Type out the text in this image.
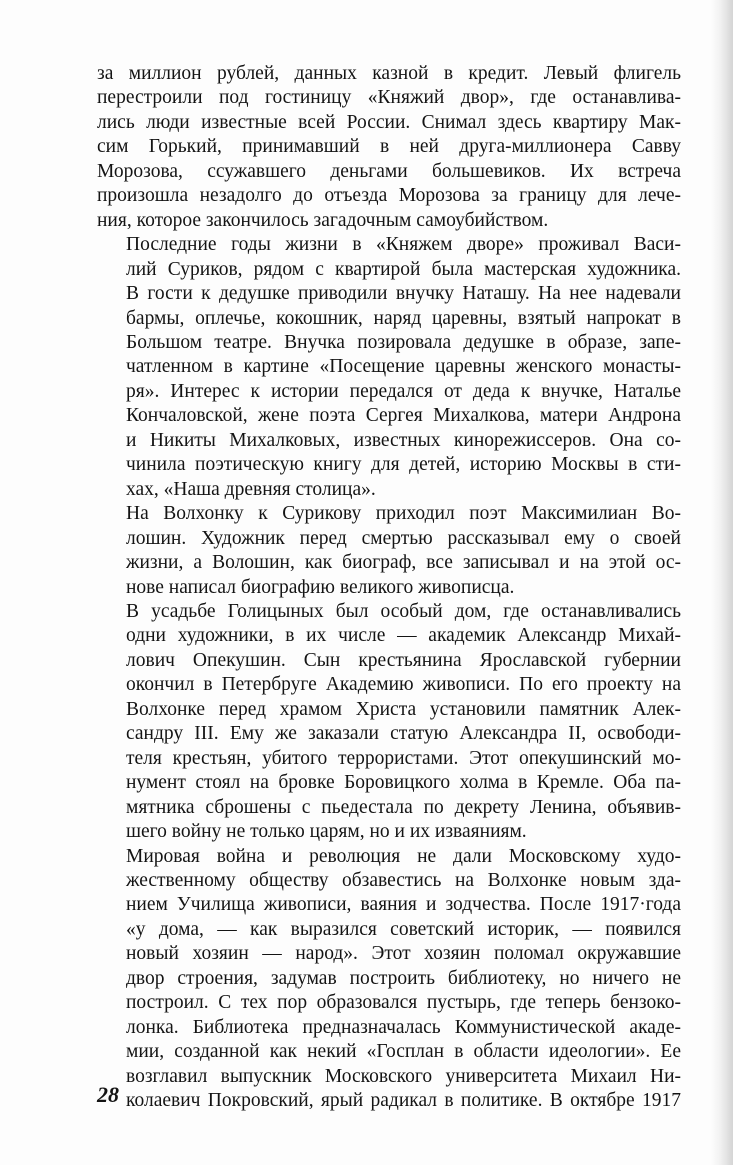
за миллион рублей, данных казной в кредит. Левый флигель
перестроили под гостиницу «Княжий двор», где останавлива-
лись люди известные всей России. Снимал здесь квартиру Мак-
сим Горький, принимавший в ней друга-миллионера Савву
Морозова, ссужавшего деньгами большевиков. Их встреча
произошла незадолго до отъезда Морозова за границу для лече-
ния, которое закончилось загадочным самоубийством.

Последние годы жизни в «Княжем дворе» проживал Васи-
лий Суриков, рядом с квартирой была мастерская художника.
В гости к дедушке приводили внучку Наташу. На нее надевали
бармы, оплечье, кокошник, наряд царевны, взятый напрокат в
Большом театре. Внучка позировала дедушке в образе, запе-
чатленном в картине «Посещение царевны женского монасты-
ря». Интерес к истории передался от деда к внучке, Наталье
Кончаловской, жене поэта Сергея Михалкова, матери Андрона
и Никиты Михалковых, известных кинорежиссеров. Она со-
чинила поэтическую книгу для детей, историю Москвы в сти-
хах, «Наша древняя столица».

На Волхонку к Сурикову приходил поэт Максимилиан Во-
лошин. Художник перед смертью рассказывал ему о своей
жизни, а Волошин, как биограф, все записывал и на этой ос-
нове написал биографию великого живописца.

В усадьбе Голицыных был особый дом, где останавливались
одни художники, в их числе — академик Александр Михай-
лович Опекушин. Сын крестьянина Ярославской губернии
окончил в Петербруге Академию живописи. По его проекту на
Волхонке перед храмом Христа установили памятник Алек-
сандру III. Ему же заказали статую Александра II, освободи-
теля крестьян, убитого террористами. Этот опекушинский мо-
нумент стоял на бровке Боровицкого холма в Кремле. Оба па-
мятника сброшены с пьедестала по декрету Ленина, объявив-
шего войну не только царям, но и их изваяниям.

Мировая война и революция не дали Московскому худо-
жественному обществу обзавестись на Волхонке новым зда-
нием Училища живописи, ваяния и зодчества. После 1917·года
«у дома, — как выразился советский историк, — появился
новый хозяин — народ». Этот хозяин поломал окружавшие
двор строения, задумав построить библиотеку, но ничего не
построил. С тех пор образовался пустырь, где теперь бензоко-
лонка. Библиотека предназначалась Коммунистической акаде-
мии, созданной как некий «Госплан в области идеологии». Ее
возглавил выпускник Московского университета Михаил Ни-
колаевич Покровский, ярый радикал в политике. В октябре 1917

28
